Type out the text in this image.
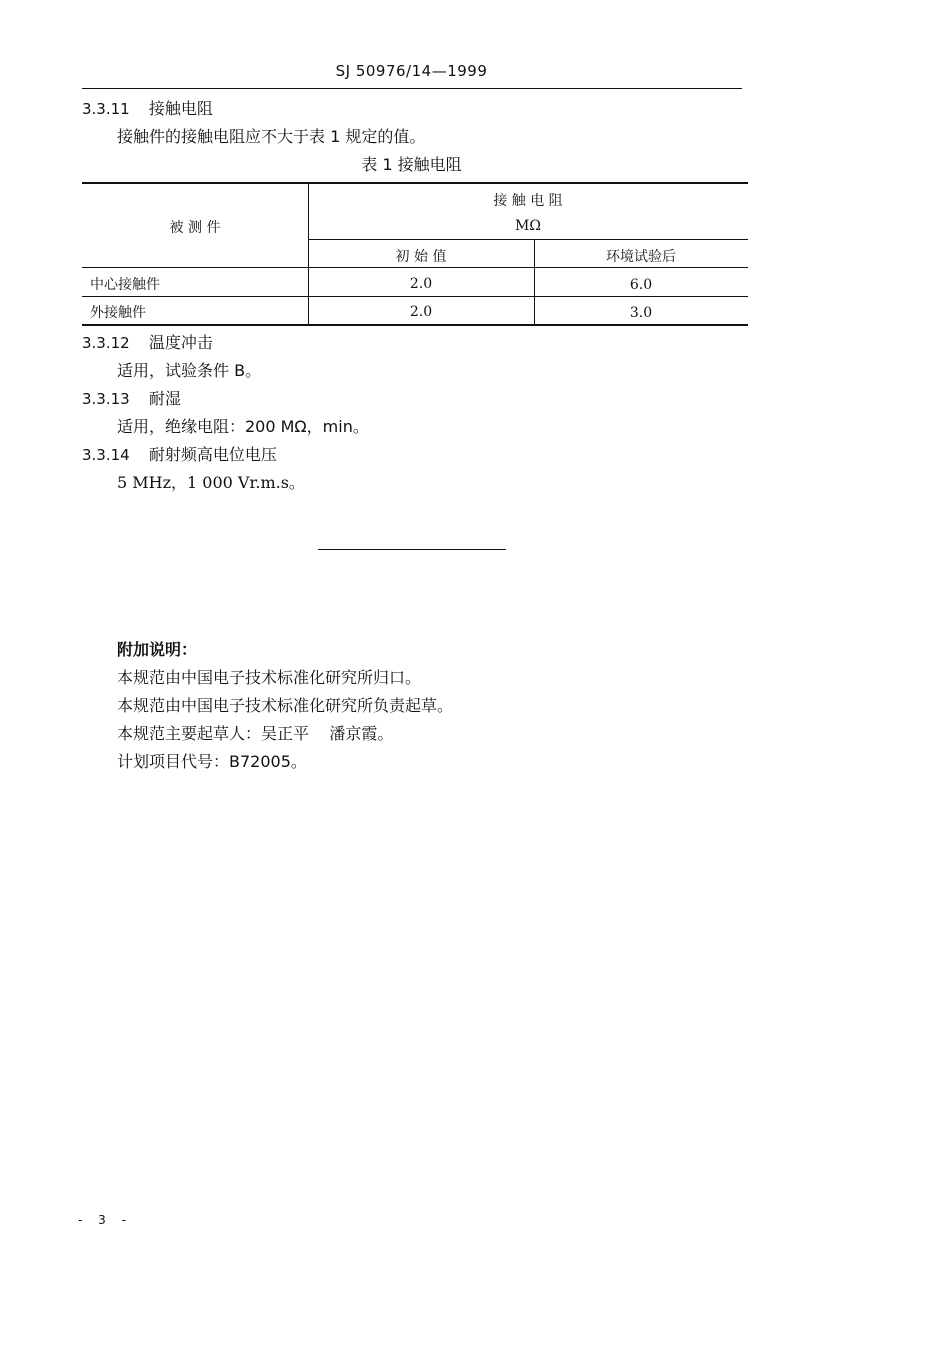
SJ 50976/14—1999
3.3.11 接触电阻
接触件的接触电阻应不大于表 1 规定的值。
表 1 接触电阻
被 测 件
接 触 电 阻
MΩ
初 始 值	环境试验后
中心接触件	2.0	6.0
外接触件	2.0	3.0
3.3.12 温度冲击
适用，试验条件 B。
3.3.13 耐湿
适用，绝缘电阻：200 MΩ，min。
3.3.14 耐射频高电位电压
5 MHz，1 000 Vr.m.s。
附加说明：
本规范由中国电子技术标准化研究所归口。
本规范由中国电子技术标准化研究所负责起草。
本规范主要起草人：吴正平    潘京霞。
计划项目代号：B72005。
- 3 -
